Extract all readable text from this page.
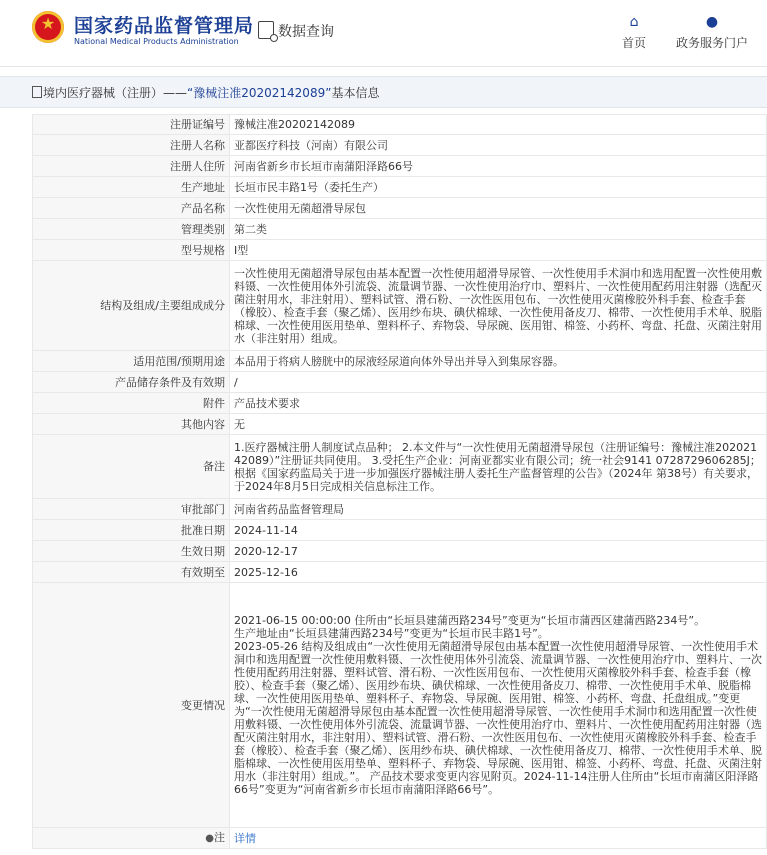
★
国家药品监督管理局
National Medical Products Administration
数据查询
⌂
首页
●
政务服务门户
境内医疗器械（注册）——“豫械注准20202142089”基本信息
注册证编号	豫械注准20202142089
注册人名称	亚都医疗科技（河南）有限公司
注册人住所	河南省新乡市长垣市南蒲阳泽路66号
生产地址	长垣市民丰路1号（委托生产）
产品名称	一次性使用无菌超滑导尿包
管理类别	第二类
型号规格	Ⅰ型
结构及组成/主要组成成分	一次性使用无菌超滑导尿包由基本配置一次性使用超滑导尿管、一次性使用手术洞巾和选用配置一次性使用敷料镊、一次性使用体外引流袋、流量调节器、一次性使用治疗巾、塑料片、一次性使用配药用注射器（选配灭菌注射用水，非注射用）、塑料试管、滑石粉、一次性医用包布、一次性使用灭菌橡胶外科手套、检查手套（橡胶）、检查手套（聚乙烯）、医用纱布块、碘伏棉球、一次性使用备皮刀、棉带、一次性使用手术单、脱脂棉球、一次性使用医用垫单、塑料杯子、弃物袋、导尿碗、医用钳、棉签、小药杯、弯盘、托盘、灭菌注射用水（非注射用）组成。
适用范围/预期用途	本品用于将病人膀胱中的尿液经尿道向体外导出并导入到集尿容器。
产品储存条件及有效期	/
附件	产品技术要求
其他内容	无
备注	1.医疗器械注册人制度试点品种； 2.本文件与“一次性使用无菌超滑导尿包（注册证编号：豫械注准20202142089）”注册证共同使用。 3.受托生产企业：河南亚都实业有限公司；统一社会9141 0728729606285J； 根据《国家药监局关于进一步加强医疗器械注册人委托生产监督管理的公告》（2024年 第38号）有关要求，于2024年8月5日完成相关信息标注工作。
审批部门	河南省药品监督管理局
批准日期	2024-11-14
生效日期	2020-12-17
有效期至	2025-12-16
变更情况	2021-06-15 00:00:00 住所由“长垣县建蒲西路234号”变更为“长垣市蒲西区建蒲西路234号”。
生产地址由“长垣县建蒲西路234号”变更为“长垣市民丰路1号”。
2023-05-26 结构及组成由“一次性使用无菌超滑导尿包由基本配置一次性使用超滑导尿管、一次性使用手术洞巾和选用配置一次性使用敷料镊、一次性使用体外引流袋、流量调节器、一次性使用治疗巾、塑料片、一次性使用配药用注射器、塑料试管、滑石粉、一次性医用包布、一次性使用灭菌橡胶外科手套、检查手套（橡胶）、检查手套（聚乙烯）、医用纱布块、碘伏棉球、一次性使用备皮刀、棉带、一次性使用手术单、脱脂棉球、一次性使用医用垫单、塑料杯子、弃物袋、导尿碗、医用钳、棉签、小药杯、弯盘、托盘组成。”变更为“一次性使用无菌超滑导尿包由基本配置一次性使用超滑导尿管、一次性使用手术洞巾和选用配置一次性使用敷料镊、一次性使用体外引流袋、流量调节器、一次性使用治疗巾、塑料片、一次性使用配药用注射器（选配灭菌注射用水，非注射用）、塑料试管、滑石粉、一次性医用包布、一次性使用灭菌橡胶外科手套、检查手套（橡胶）、检查手套（聚乙烯）、医用纱布块、碘伏棉球、一次性使用备皮刀、棉带、一次性使用手术单、脱脂棉球、一次性使用医用垫单、塑料杯子、弃物袋、导尿碗、医用钳、棉签、小药杯、弯盘、托盘、灭菌注射用水（非注射用）组成。”。 产品技术要求变更内容见附页。2024-11-14注册人住所由“长垣市南蒲区阳泽路66号”变更为“河南省新乡市长垣市南蒲阳泽路66号”。
●注	详情
